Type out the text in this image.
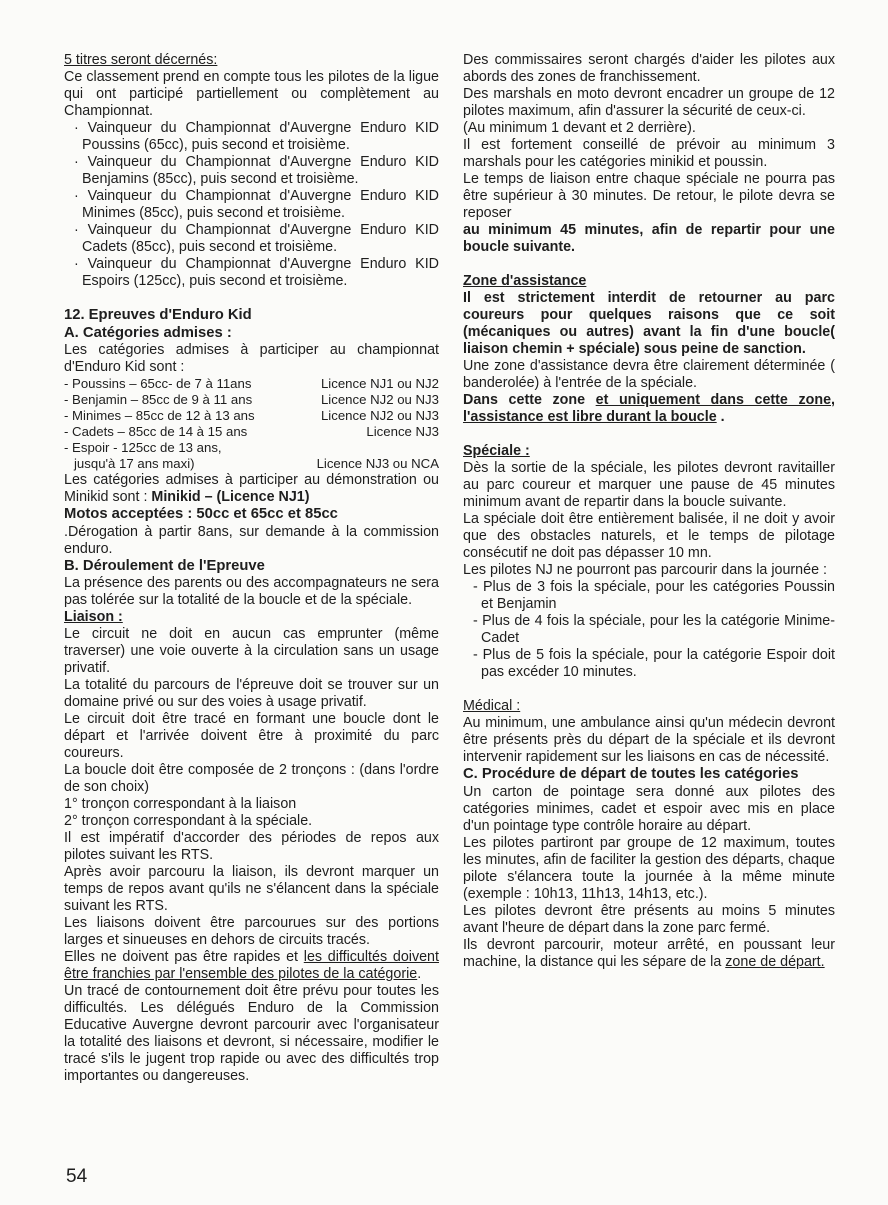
5 titres seront décernés:

Ce classement prend en compte tous les pilotes de la ligue qui ont participé partiellement ou complètement au Championnat.

· Vainqueur du Championnat d'Auvergne Enduro KID Poussins (65cc), puis second et troisième.

· Vainqueur du Championnat d'Auvergne Enduro KID Benjamins (85cc), puis second et troisième.

· Vainqueur du Championnat d'Auvergne Enduro KID Minimes (85cc), puis second et troisième.

· Vainqueur du Championnat d'Auvergne Enduro KID Cadets (85cc), puis second et troisième.

· Vainqueur du Championnat d'Auvergne Enduro KID Espoirs (125cc), puis second et troisième.

12. Epreuves d'Enduro Kid

A. Catégories admises :

Les catégories admises à participer au championnat d'Enduro Kid sont :

- Poussins – 65cc- de 7 à 11ans	Licence NJ1 ou NJ2
- Benjamin – 85cc de 9 à 11 ans	Licence NJ2 ou NJ3
- Minimes – 85cc de 12 à 13 ans	Licence NJ2 ou NJ3
- Cadets – 85cc de 14 à 15 ans	Licence NJ3
- Espoir - 125cc de 13 ans,	
jusqu'à 17 ans maxi)	Licence NJ3 ou NCA

Les catégories admises à participer au démonstration ou Minikid sont : Minikid – (Licence NJ1)

Motos acceptées : 50cc et 65cc et 85cc

.Dérogation à partir 8ans, sur demande à la commission enduro.

B. Déroulement de l'Epreuve

La présence des parents ou des accompagnateurs ne sera pas tolérée sur la totalité de la boucle et de la spéciale.

Liaison :

Le circuit ne doit en aucun cas emprunter (même traverser) une voie ouverte à la circulation sans un usage privatif.

La totalité du parcours de l'épreuve doit se trouver sur un domaine privé ou sur des voies à usage privatif.

Le circuit doit être tracé en formant une boucle dont le départ et l'arrivée doivent être à proximité du parc coureurs.

La boucle doit être composée de 2 tronçons : (dans l'ordre de son choix)

1° tronçon correspondant à la liaison

2° tronçon correspondant à la spéciale.

Il est impératif d'accorder des périodes de repos aux pilotes suivant les RTS.

Après avoir parcouru la liaison, ils devront marquer un temps de repos avant qu'ils ne s'élancent dans la spéciale suivant les RTS.

Les liaisons doivent être parcourues sur des portions larges et sinueuses en dehors de circuits tracés.

Elles ne doivent pas être rapides et les difficultés doivent être franchies par l'ensemble des pilotes de la catégorie.

Un tracé de contournement doit être prévu pour toutes les difficultés. Les délégués Enduro de la Commission Educative Auvergne devront parcourir avec l'organisateur la totalité des liaisons et devront, si nécessaire, modifier le tracé s'ils le jugent trop rapide ou avec des difficultés trop importantes ou dangereuses.

Des commissaires seront chargés d'aider les pilotes aux abords des zones de franchissement.

Des marshals en moto devront encadrer un groupe de 12 pilotes maximum, afin d'assurer la sécurité de ceux-ci.

(Au minimum 1 devant et 2 derrière).

Il est fortement conseillé de prévoir au minimum 3 marshals pour les catégories minikid et poussin.

Le temps de liaison entre chaque spéciale ne pourra pas être supérieur à 30 minutes. De retour, le pilote devra se reposer

au minimum 45 minutes, afin de repartir pour une boucle suivante.

Zone d'assistance

Il est strictement interdit de retourner au parc coureurs pour quelques raisons que ce soit (mécaniques ou autres) avant la fin d'une boucle( liaison chemin + spéciale) sous peine de sanction.

Une zone d'assistance devra être clairement déterminée ( banderolée) à l'entrée de la spéciale.

Dans cette zone et uniquement dans cette zone, l'assistance est libre durant la boucle .

Spéciale :

Dès la sortie de la spéciale, les pilotes devront ravitailler au parc coureur et marquer une pause de 45 minutes minimum avant de repartir dans la boucle suivante.

La spéciale doit être entièrement balisée, il ne doit y avoir que des obstacles naturels, et le temps de pilotage consécutif ne doit pas dépasser 10 mn.

Les pilotes NJ ne pourront pas parcourir dans la journée :

- Plus de 3 fois la spéciale, pour les catégories Poussin et Benjamin

- Plus de 4 fois la spéciale, pour les la catégorie Minime-Cadet

- Plus de 5 fois la spéciale, pour la catégorie Espoir doit pas excéder 10 minutes.

Médical :

Au minimum, une ambulance ainsi qu'un médecin devront être présents près du départ de la spéciale et ils devront intervenir rapidement sur les liaisons en cas de nécessité.

C. Procédure de départ de toutes les catégories

Un carton de pointage sera donné aux pilotes des catégories minimes, cadet et espoir avec mis en place d'un pointage type contrôle horaire au départ.

Les pilotes partiront par groupe de 12 maximum, toutes les minutes, afin de faciliter la gestion des départs, chaque pilote s'élancera toute la journée à la même minute (exemple : 10h13, 11h13, 14h13, etc.).

Les pilotes devront être présents au moins 5 minutes avant l'heure de départ dans la zone parc fermé.

Ils devront parcourir, moteur arrêté, en poussant leur machine, la distance qui les sépare de la zone de départ.

54
